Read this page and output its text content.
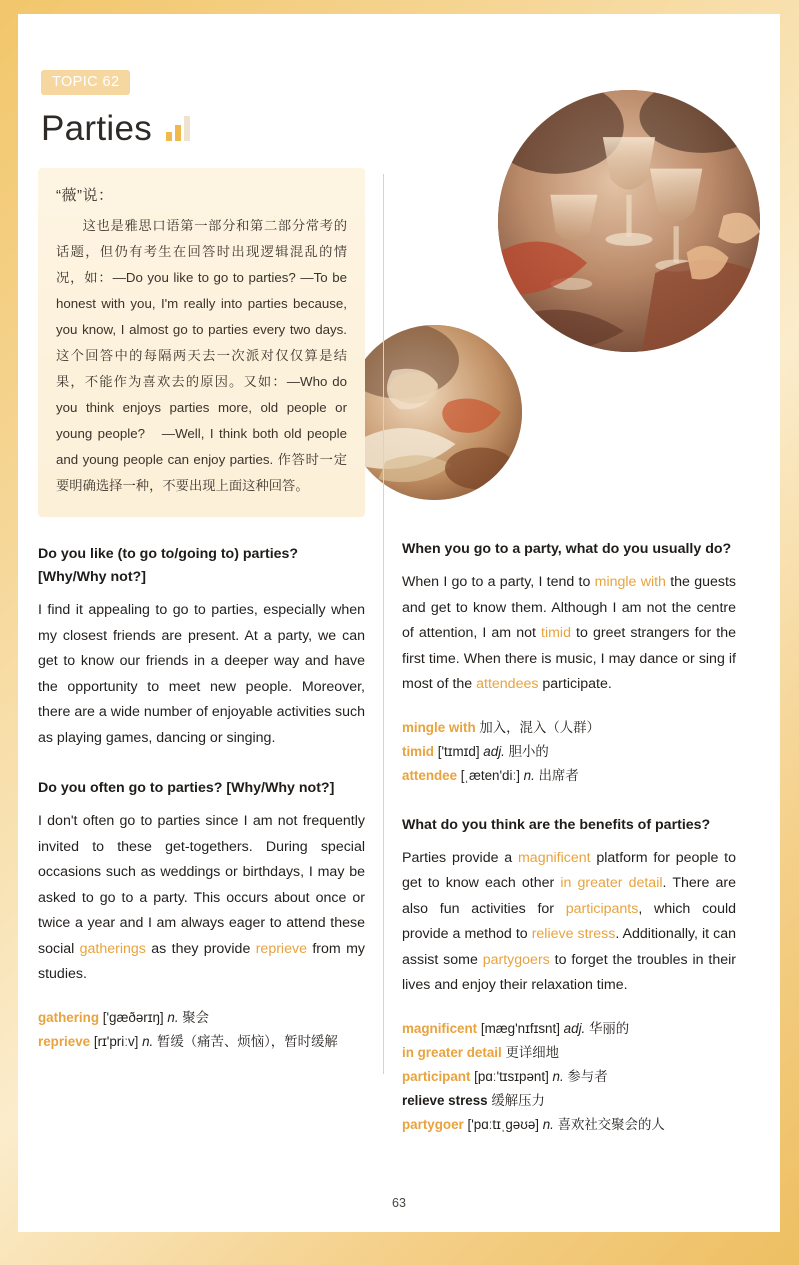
TOPIC 62
Parties
“薇”说：
这也是雅思口语第一部分和第二部分常考的话题，但仍有考生在回答时出现逻辑混乱的情况，如：—Do you like to go to parties? —To be honest with you, I'm really into parties because, you know, I almost go to parties every two days. 这个回答中的每隔两天去一次派对仅仅算是结果，不能作为喜欢去的原因。又如：—Who do you think enjoys parties more, old people or young people?　—Well, I think both old people and young people can enjoy parties. 作答时一定要明确选择一种，不要出现上面这种回答。
Do you like (to go to/going to) parties? [Why/Why not?]
I find it appealing to go to parties, especially when my closest friends are present. At a party, we can get to know our friends in a deeper way and have the opportunity to meet new people. Moreover, there are a wide number of enjoyable activities such as playing games, dancing or singing.
Do you often go to parties? [Why/Why not?]
I don't often go to parties since I am not frequently invited to these get-togethers. During special occasions such as weddings or birthdays, I may be asked to go to a party. This occurs about once or twice a year and I am always eager to attend these social gatherings as they provide reprieve from my studies.
gathering ['gæðərɪŋ] n. 聚会
reprieve [rɪ'priːv] n. 暂缓（痛苦、烦恼），暂时缓解
When you go to a party, what do you usually do?
When I go to a party, I tend to mingle with the guests and get to know them. Although I am not the centre of attention, I am not timid to greet strangers for the first time. When there is music, I may dance or sing if most of the attendees participate.
mingle with 加入，混入（人群）
timid ['tɪmɪd] adj. 胆小的
attendee [ˌæten'diː] n. 出席者
What do you think are the benefits of parties?
Parties provide a magnificent platform for people to get to know each other in greater detail. There are also fun activities for participants, which could provide a method to relieve stress. Additionally, it can assist some partygoers to forget the troubles in their lives and enjoy their relaxation time.
magnificent [mæg'nɪfɪsnt] adj. 华丽的
in greater detail 更详细地
participant [pɑː'tɪsɪpənt] n. 参与者
relieve stress 缓解压力
partygoer ['pɑːtɪˌgəʊə] n. 喜欢社交聚会的人
63
